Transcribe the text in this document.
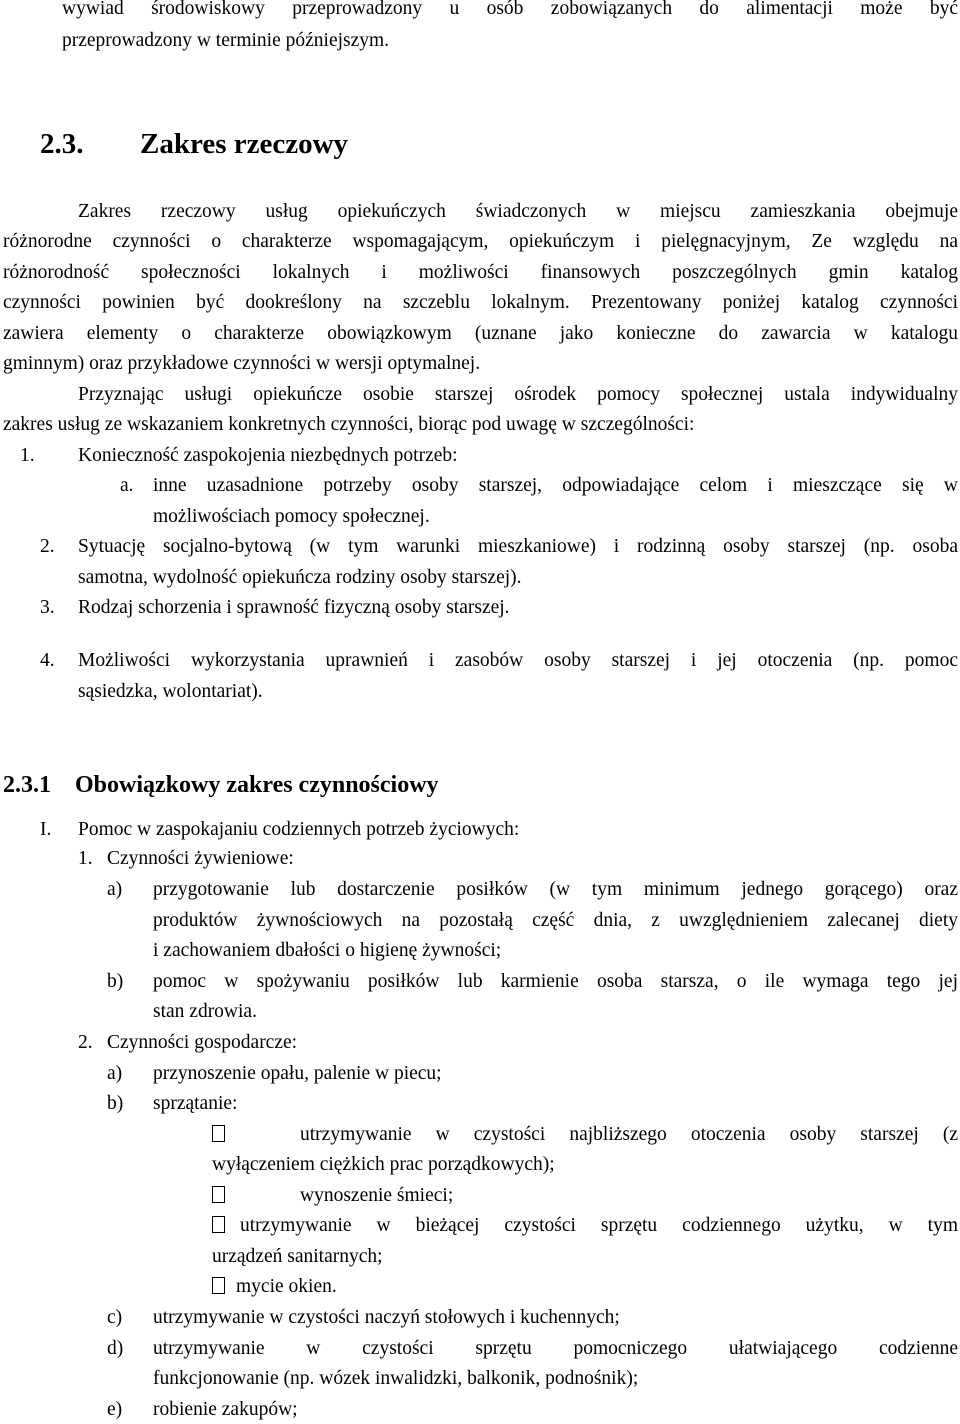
wywiad środowiskowy przeprowadzony u osób zobowiązanych do alimentacji może być
przeprowadzony w terminie późniejszym.
2.3. Zakres rzeczowy
Zakres rzeczowy usług opiekuńczych świadczonych w miejscu zamieszkania obejmuje
różnorodne czynności o charakterze wspomagającym, opiekuńczym i pielęgnacyjnym, Ze względu na
różnorodność społeczności lokalnych i możliwości finansowych poszczególnych gmin katalog
czynności powinien być dookreślony na szczeblu lokalnym. Prezentowany poniżej katalog czynności
zawiera elementy o charakterze obowiązkowym (uznane jako konieczne do zawarcia w katalogu
gminnym) oraz przykładowe czynności w wersji optymalnej.
Przyznając usługi opiekuńcze osobie starszej ośrodek pomocy społecznej ustala indywidualny
zakres usług ze wskazaniem konkretnych czynności, biorąc pod uwagę w szczególności:
1. Konieczność zaspokojenia niezbędnych potrzeb:
a. inne uzasadnione potrzeby osoby starszej, odpowiadające celom i mieszczące się w
możliwościach pomocy społecznej.
2. Sytuację socjalno-bytową (w tym warunki mieszkaniowe) i rodzinną osoby starszej (np. osoba
samotna, wydolność opiekuńcza rodziny osoby starszej).
3. Rodzaj schorzenia i sprawność fizyczną osoby starszej.
4. Możliwości wykorzystania uprawnień i zasobów osoby starszej i jej otoczenia (np. pomoc
sąsiedzka, wolontariat).
2.3.1 Obowiązkowy zakres czynnościowy
I. Pomoc w zaspokajaniu codziennych potrzeb życiowych:
1. Czynności żywieniowe:
a) przygotowanie lub dostarczenie posiłków (w tym minimum jednego gorącego) oraz
produktów żywnościowych na pozostałą część dnia, z uwzględnieniem zalecanej diety
i zachowaniem dbałości o higienę żywności;
b) pomoc w spożywaniu posiłków lub karmienie osoba starsza, o ile wymaga tego jej
stan zdrowia.
2. Czynności gospodarcze:
a) przynoszenie opału, palenie w piecu;
b) sprzątanie:
utrzymywanie w czystości najbliższego otoczenia osoby starszej (z
wyłączeniem ciężkich prac porządkowych);
wynoszenie śmieci;
utrzymywanie w bieżącej czystości sprzętu codziennego użytku, w tym
urządzeń sanitarnych;
mycie okien.
c) utrzymywanie w czystości naczyń stołowych i kuchennych;
d) utrzymywanie w czystości sprzętu pomocniczego ułatwiającego codzienne
funkcjonowanie (np. wózek inwalidzki, balkonik, podnośnik);
e) robienie zakupów;
